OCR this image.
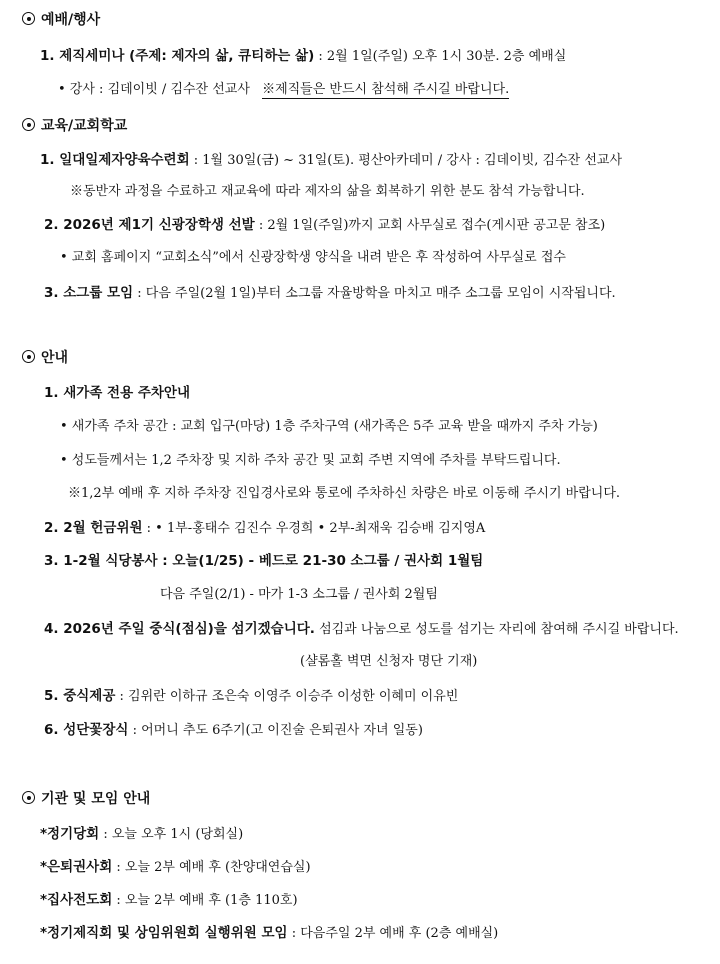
예배/행사
1. 제직세미나 (주제: 제자의 삶, 큐티하는 삶) : 2월 1일(주일) 오후 1시 30분. 2층 예배실
• 강사 : 김데이빗 / 김수잔 선교사 ※제직들은 반드시 참석해 주시길 바랍니다.
교육/교회학교
1. 일대일제자양육수련회 : 1월 30일(금) ~ 31일(토). 평산아카데미 / 강사 : 김데이빗, 김수잔 선교사
※동반자 과정을 수료하고 재교육에 따라 제자의 삶을 회복하기 위한 분도 참석 가능합니다.
2. 2026년 제1기 신광장학생 선발 : 2월 1일(주일)까지 교회 사무실로 접수(게시판 공고문 참조)
• 교회 홈페이지 “교회소식”에서 신광장학생 양식을 내려 받은 후 작성하여 사무실로 접수
3. 소그룹 모임 : 다음 주일(2월 1일)부터 소그룹 자율방학을 마치고 매주 소그룹 모임이 시작됩니다.
안내
1. 새가족 전용 주차안내
• 새가족 주차 공간 : 교회 입구(마당) 1층 주차구역 (새가족은 5주 교육 받을 때까지 주차 가능)
• 성도들께서는 1,2 주차장 및 지하 주차 공간 및 교회 주변 지역에 주차를 부탁드립니다.
※1,2부 예배 후 지하 주차장 진입경사로와 통로에 주차하신 차량은 바로 이동해 주시기 바랍니다.
2. 2월 헌금위원 : • 1부-홍태수 김진수 우경희 • 2부-최재욱 김승배 김지영A
3. 1-2월 식당봉사 : 오늘(1/25) - 베드로 21-30 소그룹 / 권사회 1월팀
다음 주일(2/1) - 마가 1-3 소그룹 / 권사회 2월팀
4. 2026년 주일 중식(점심)을 섬기겠습니다. 섬김과 나눔으로 성도를 섬기는 자리에 참여해 주시길 바랍니다.
(샬롬홀 벽면 신청자 명단 기재)
5. 중식제공 : 김위란 이하규 조은숙 이영주 이승주 이성한 이혜미 이유빈
6. 성단꽃장식 : 어머니 추도 6주기(고 이진술 은퇴권사 자녀 일동)
기관 및 모임 안내
*정기당회 : 오늘 오후 1시 (당회실)
*은퇴권사회 : 오늘 2부 예배 후 (찬양대연습실)
*집사전도회 : 오늘 2부 예배 후 (1층 110호)
*정기제직회 및 상임위원회 실행위원 모임 : 다음주일 2부 예배 후 (2층 예배실)
